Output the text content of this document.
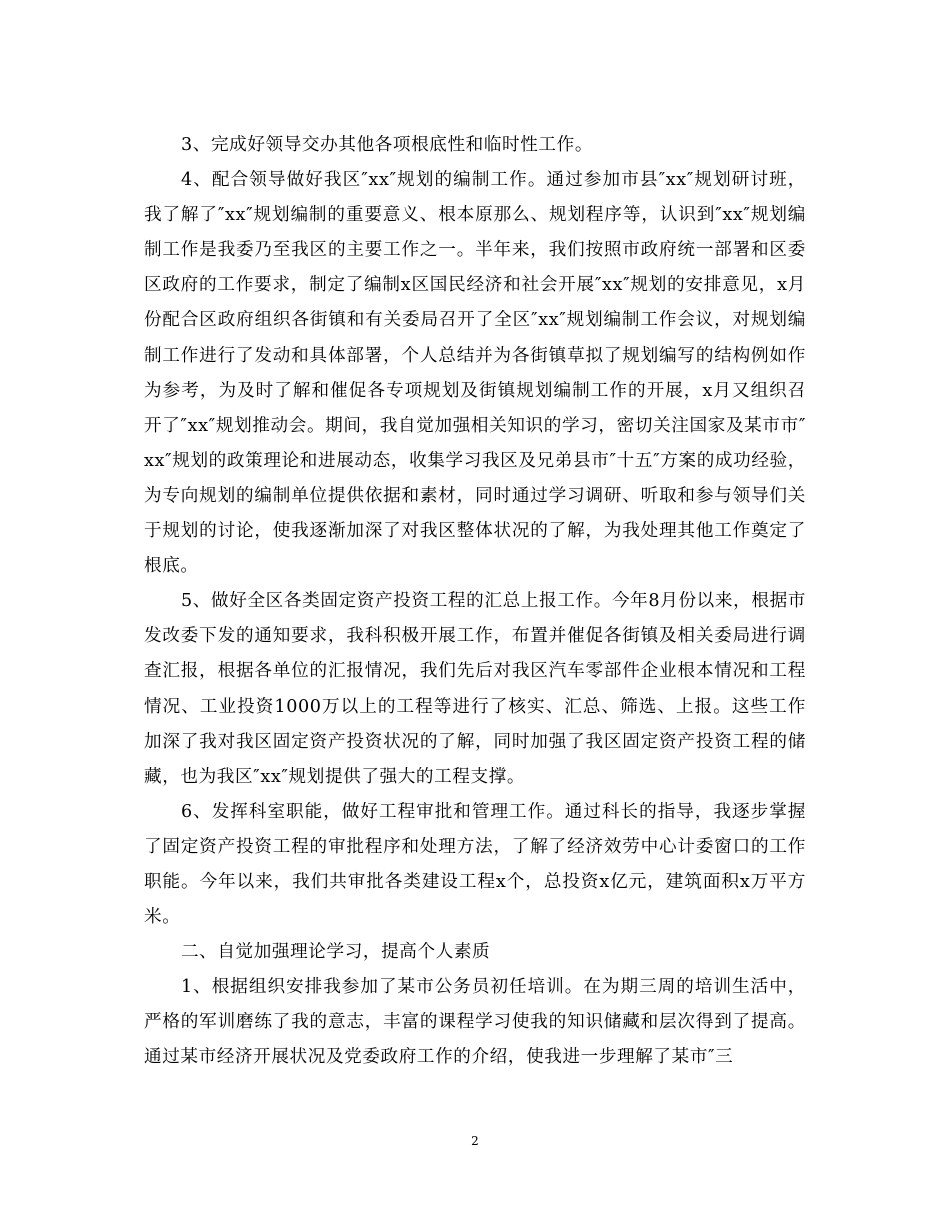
3、完成好领导交办其他各项根底性和临时性工作。

4、配合领导做好我区″xx″规划的编制工作。通过参加市县″xx″规划研讨班，我了解了″xx″规划编制的重要意义、根本原那么、规划程序等，认识到″xx″规划编制工作是我委乃至我区的主要工作之一。半年来，我们按照市政府统一部署和区委区政府的工作要求，制定了编制x区国民经济和社会开展″xx″规划的安排意见，x月份配合区政府组织各街镇和有关委局召开了全区″xx″规划编制工作会议，对规划编制工作进行了发动和具体部署，个人总结并为各街镇草拟了规划编写的结构例如作为参考，为及时了解和催促各专项规划及街镇规划编制工作的开展，x月又组织召开了″xx″规划推动会。期间，我自觉加强相关知识的学习，密切关注国家及某市市″xx″规划的政策理论和进展动态，收集学习我区及兄弟县市″十五″方案的成功经验，为专向规划的编制单位提供依据和素材，同时通过学习调研、听取和参与领导们关于规划的讨论，使我逐渐加深了对我区整体状况的了解，为我处理其他工作奠定了根底。

5、做好全区各类固定资产投资工程的汇总上报工作。今年8月份以来，根据市发改委下发的通知要求，我科积极开展工作，布置并催促各街镇及相关委局进行调查汇报，根据各单位的汇报情况，我们先后对我区汽车零部件企业根本情况和工程情况、工业投资1000万以上的工程等进行了核实、汇总、筛选、上报。这些工作加深了我对我区固定资产投资状况的了解，同时加强了我区固定资产投资工程的储藏，也为我区″xx″规划提供了强大的工程支撑。

6、发挥科室职能，做好工程审批和管理工作。通过科长的指导，我逐步掌握了固定资产投资工程的审批程序和处理方法，了解了经济效劳中心计委窗口的工作职能。今年以来，我们共审批各类建设工程x个，总投资x亿元，建筑面积x万平方米。

二、自觉加强理论学习，提高个人素质

1、根据组织安排我参加了某市公务员初任培训。在为期三周的培训生活中，严格的军训磨练了我的意志，丰富的课程学习使我的知识储藏和层次得到了提高。通过某市经济开展状况及党委政府工作的介绍，使我进一步理解了某市″三

2
